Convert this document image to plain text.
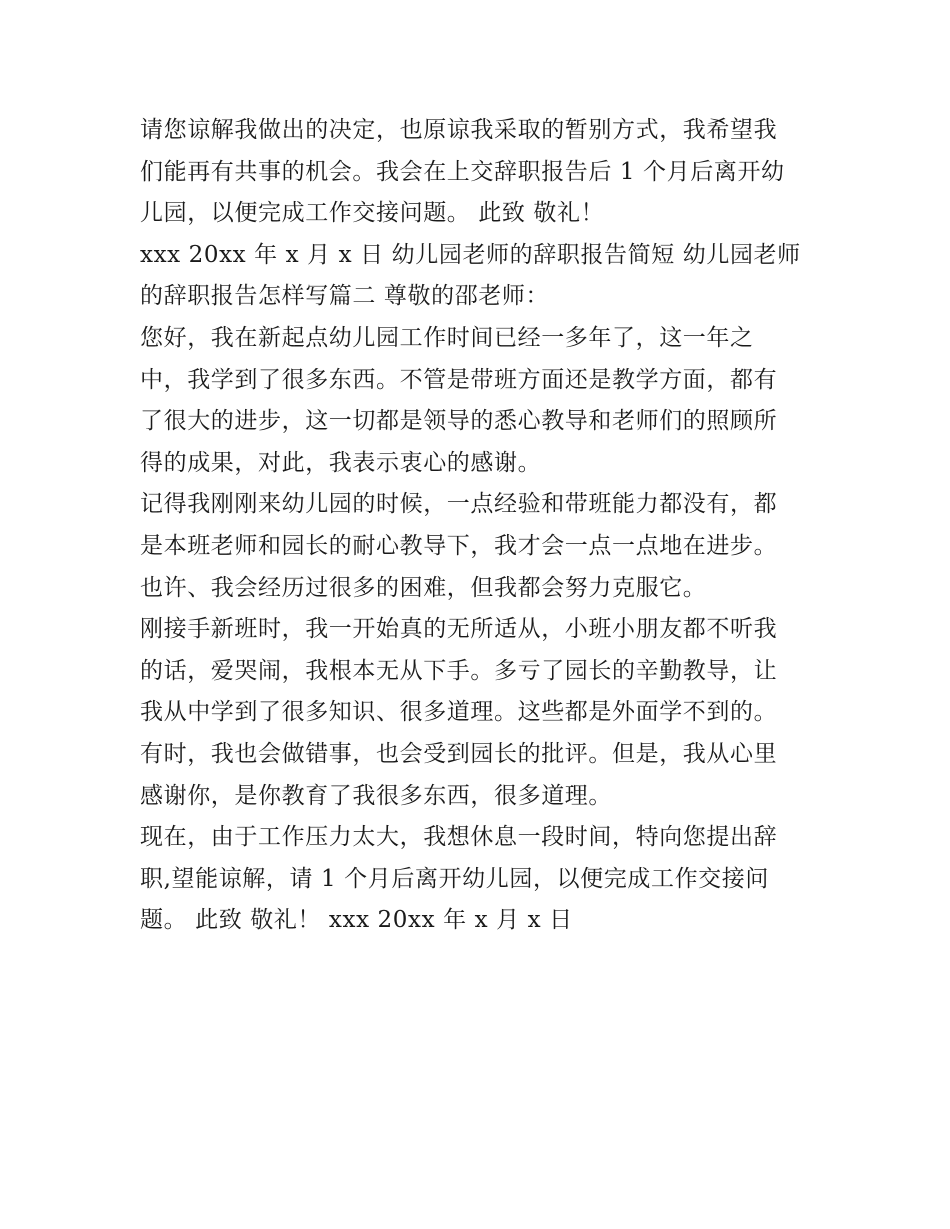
请您谅解我做出的决定，也原谅我采取的暂别方式，我希望我
们能再有共事的机会。我会在上交辞职报告后 1 个月后离开幼
儿园，以便完成工作交接问题。 此致 敬礼！
xxx 20xx 年 x 月 x 日 幼儿园老师的辞职报告简短 幼儿园老师
的辞职报告怎样写篇二 尊敬的邵老师：
您好，我在新起点幼儿园工作时间已经一多年了，这一年之
中，我学到了很多东西。不管是带班方面还是教学方面，都有
了很大的进步，这一切都是领导的悉心教导和老师们的照顾所
得的成果，对此，我表示衷心的感谢。
记得我刚刚来幼儿园的时候，一点经验和带班能力都没有，都
是本班老师和园长的耐心教导下，我才会一点一点地在进步。
也许、我会经历过很多的困难，但我都会努力克服它。
刚接手新班时，我一开始真的无所适从，小班小朋友都不听我
的话，爱哭闹，我根本无从下手。多亏了园长的辛勤教导，让
我从中学到了很多知识、很多道理。这些都是外面学不到的。
有时，我也会做错事，也会受到园长的批评。但是，我从心里
感谢你，是你教育了我很多东西，很多道理。
现在，由于工作压力太大，我想休息一段时间，特向您提出辞
职,望能谅解，请 1 个月后离开幼儿园，以便完成工作交接问
题。 此致 敬礼！ xxx 20xx 年 x 月 x 日
